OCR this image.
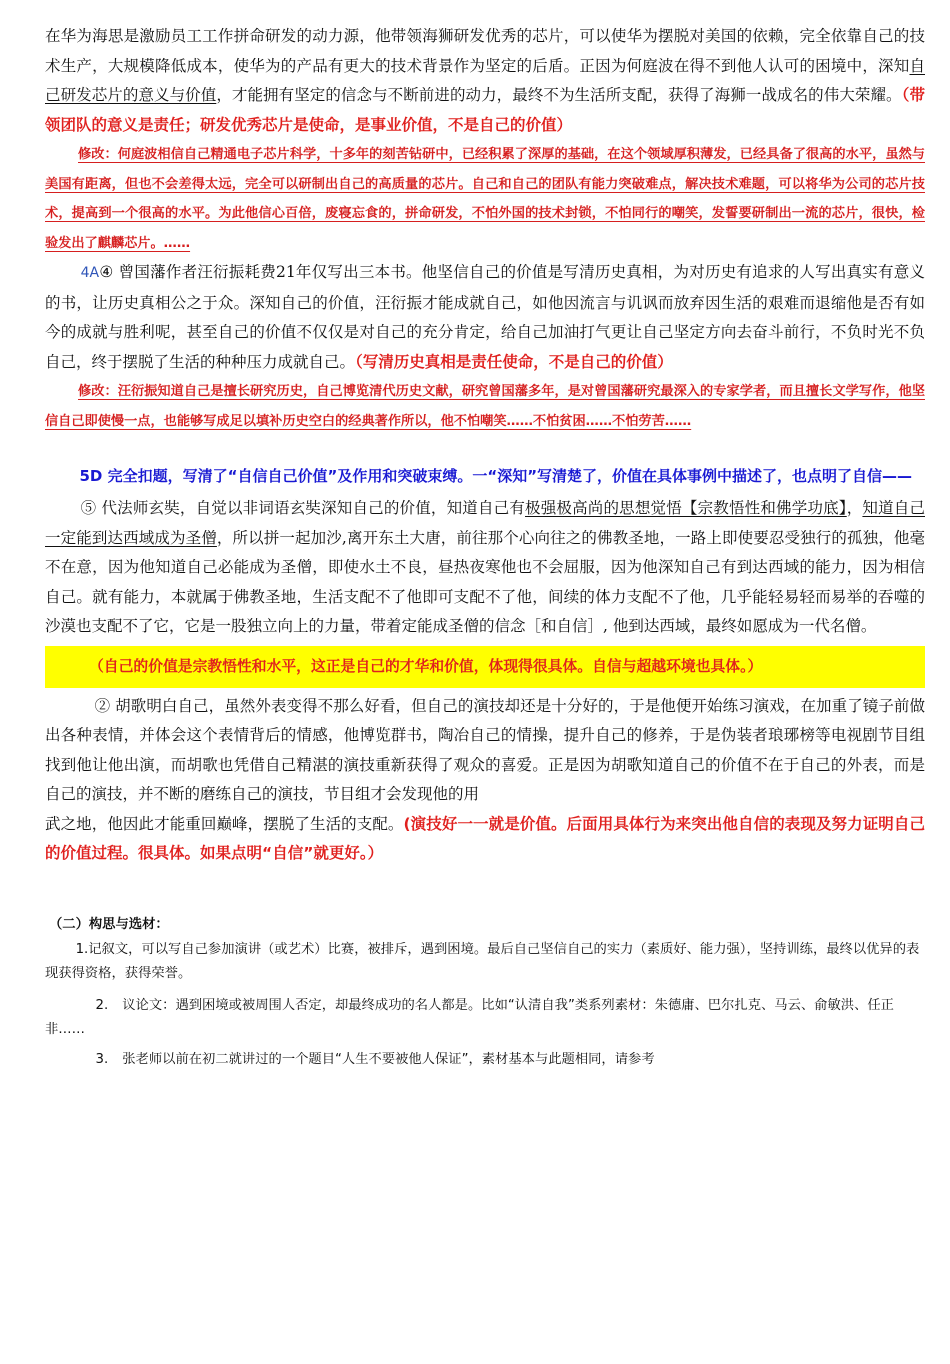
在华为海思是激励员工工作拼命研发的动力源，他带领海狮研发优秀的芯片，可以使华为摆脱对美国的依赖，完全依靠自己的技术生产，大规模降低成本，使华为的产品有更大的技术背景作为坚定的后盾。正因为何庭波在得不到他人认可的困境中，深知自己研发芯片的意义与价值，才能拥有坚定的信念与不断前进的动力，最终不为生活所支配，获得了海狮一战成名的伟大荣耀。（带领团队的意义是责任；研发优秀芯片是使命，是事业价值，不是自己的价值）

修改：何庭波相信自己精通电子芯片科学，十多年的刻苦钻研中，已经积累了深厚的基础，在这个领域厚积薄发，已经具备了很高的水平，虽然与美国有距离，但也不会差得太远，完全可以研制出自己的高质量的芯片。自己和自己的团队有能力突破难点，解决技术难题，可以将华为公司的芯片技术，提高到一个很高的水平。为此他信心百倍，废寝忘食的，拼命研发，不怕外国的技术封锁，不怕同行的嘲笑，发誓要研制出一流的芯片，很快，检验发出了麒麟芯片。……

4A④ 曾国藩作者汪衍振耗费21年仅写出三本书。他坚信自己的价值是写清历史真相，为对历史有追求的人写出真实有意义的书，让历史真相公之于众。深知自己的价值，汪衍振才能成就自己，如他因流言与讥讽而放弃因生活的艰难而退缩他是否有如今的成就与胜利呢，甚至自己的价值不仅仅是对自己的充分肯定，给自己加油打气更让自己坚定方向去奋斗前行，不负时光不负自己，终于摆脱了生活的种种压力成就自己。（写清历史真相是责任使命，不是自己的价值）

修改：汪衍振知道自己是擅长研究历史，自己博览清代历史文献，研究曾国藩多年，是对曾国藩研究最深入的专家学者，而且擅长文学写作，他坚信自己即使慢一点，也能够写成足以填补历史空白的经典著作所以，他不怕嘲笑……不怕贫困……不怕劳苦……

5D 完全扣题，写清了“自信自己价值”及作用和突破束缚。一“深知”写清楚了，价值在具体事例中描述了，也点明了自信——

⑤ 代法师玄奘，自觉以非词语玄奘深知自己的价值，知道自己有极强极高尚的思想觉悟【宗教悟性和佛学功底】，知道自己一定能到达西域成为圣僧，所以拼一起加沙,离开东土大唐，前往那个心向往之的佛教圣地，一路上即使要忍受独行的孤独，他毫不在意，因为他知道自己必能成为圣僧，即使水土不良，昼热夜寒他也不会屈服，因为他深知自己有到达西域的能力，因为相信自己。就有能力，本就属于佛教圣地，生活支配不了他即可支配不了他，间续的体力支配不了他，几乎能轻易轻而易举的吞噬的沙漠也支配不了它，它是一股独立向上的力量，带着定能成圣僧的信念［和自信］, 他到达西域，最终如愿成为一代名僧。

（自己的价值是宗教悟性和水平，这正是自己的才华和价值，体现得很具体。自信与超越环境也具体。）

② 胡歌明白自己，虽然外表变得不那么好看，但自己的演技却还是十分好的，于是他便开始练习演戏，在加重了镜子前做出各种表情，并体会这个表情背后的情感，他博览群书，陶冶自己的情操，提升自己的修养，于是伪装者琅琊榜等电视剧节目组找到他让他出演，而胡歌也凭借自己精湛的演技重新获得了观众的喜爱。正是因为胡歌知道自己的价值不在于自己的外表，而是自己的演技，并不断的磨练自己的演技，节目组才会发现他的用
武之地，他因此才能重回巅峰，摆脱了生活的支配。(演技好一一就是价值。后面用具体行为来突出他自信的表现及努力证明自己的价值过程。很具体。如果点明“自信”就更好。）

（二）构思与选材：

1.记叙文，可以写自己参加演讲（或艺术）比赛，被排斥，遇到困境。最后自己坚信自己的实力（素质好、能力强），坚持训练，最终以优异的表现获得资格，获得荣誉。

2. 议论文：遇到困境或被周围人否定，却最终成功的名人都是。比如“认清自我”类系列素材：朱德庸、巴尔扎克、马云、俞敏洪、任正非……

3. 张老师以前在初二就讲过的一个题目“人生不要被他人保证”，素材基本与此题相同，请参考
